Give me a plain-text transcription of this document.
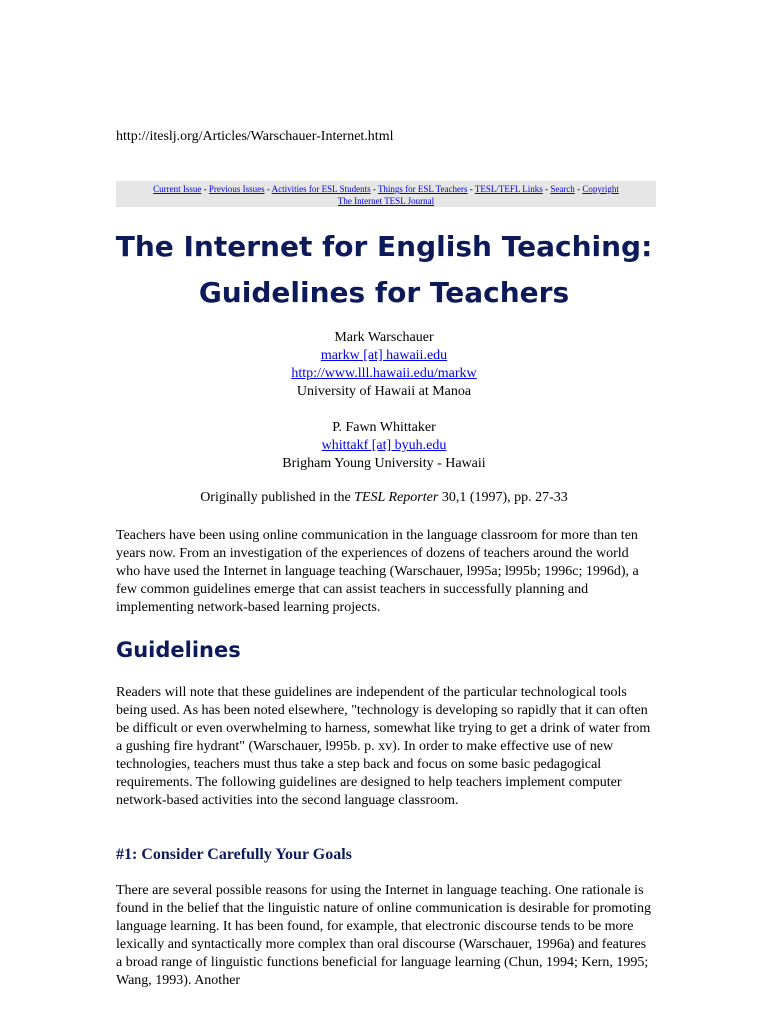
http://iteslj.org/Articles/Warschauer-Internet.html
Current Issue - Previous Issues - Activities for ESL Students - Things for ESL Teachers - TESL/TEFL Links - Search - Copyright
The Internet TESL Journal
The Internet for English Teaching:
Guidelines for Teachers
Mark Warschauer
markw [at] hawaii.edu
http://www.lll.hawaii.edu/markw
University of Hawaii at Manoa
P. Fawn Whittaker
whittakf [at] byuh.edu
Brigham Young University - Hawaii
Originally published in the TESL Reporter 30,1 (1997), pp. 27-33

Teachers have been using online communication in the language classroom for more than ten years now. From an investigation of the experiences of dozens of teachers around the world who have used the Internet in language teaching (Warschauer, l995a; l995b; 1996c; 1996d), a few common guidelines emerge that can assist teachers in successfully planning and implementing network-based learning projects.

Guidelines

Readers will note that these guidelines are independent of the particular technological tools being used. As has been noted elsewhere, "technology is developing so rapidly that it can often be difficult or even overwhelming to harness, somewhat like trying to get a drink of water from a gushing fire hydrant" (Warschauer, l995b. p. xv). In order to make effective use of new technologies, teachers must thus take a step back and focus on some basic pedagogical requirements. The following guidelines are designed to help teachers implement computer network-based activities into the second language classroom.

#1: Consider Carefully Your Goals

There are several possible reasons for using the Internet in language teaching. One rationale is found in the belief that the linguistic nature of online communication is desirable for promoting language learning. It has been found, for example, that electronic discourse tends to be more lexically and syntactically more complex than oral discourse (Warschauer, 1996a) and features a broad range of linguistic functions beneficial for language learning (Chun, 1994; Kern, 1995; Wang, 1993). Another
